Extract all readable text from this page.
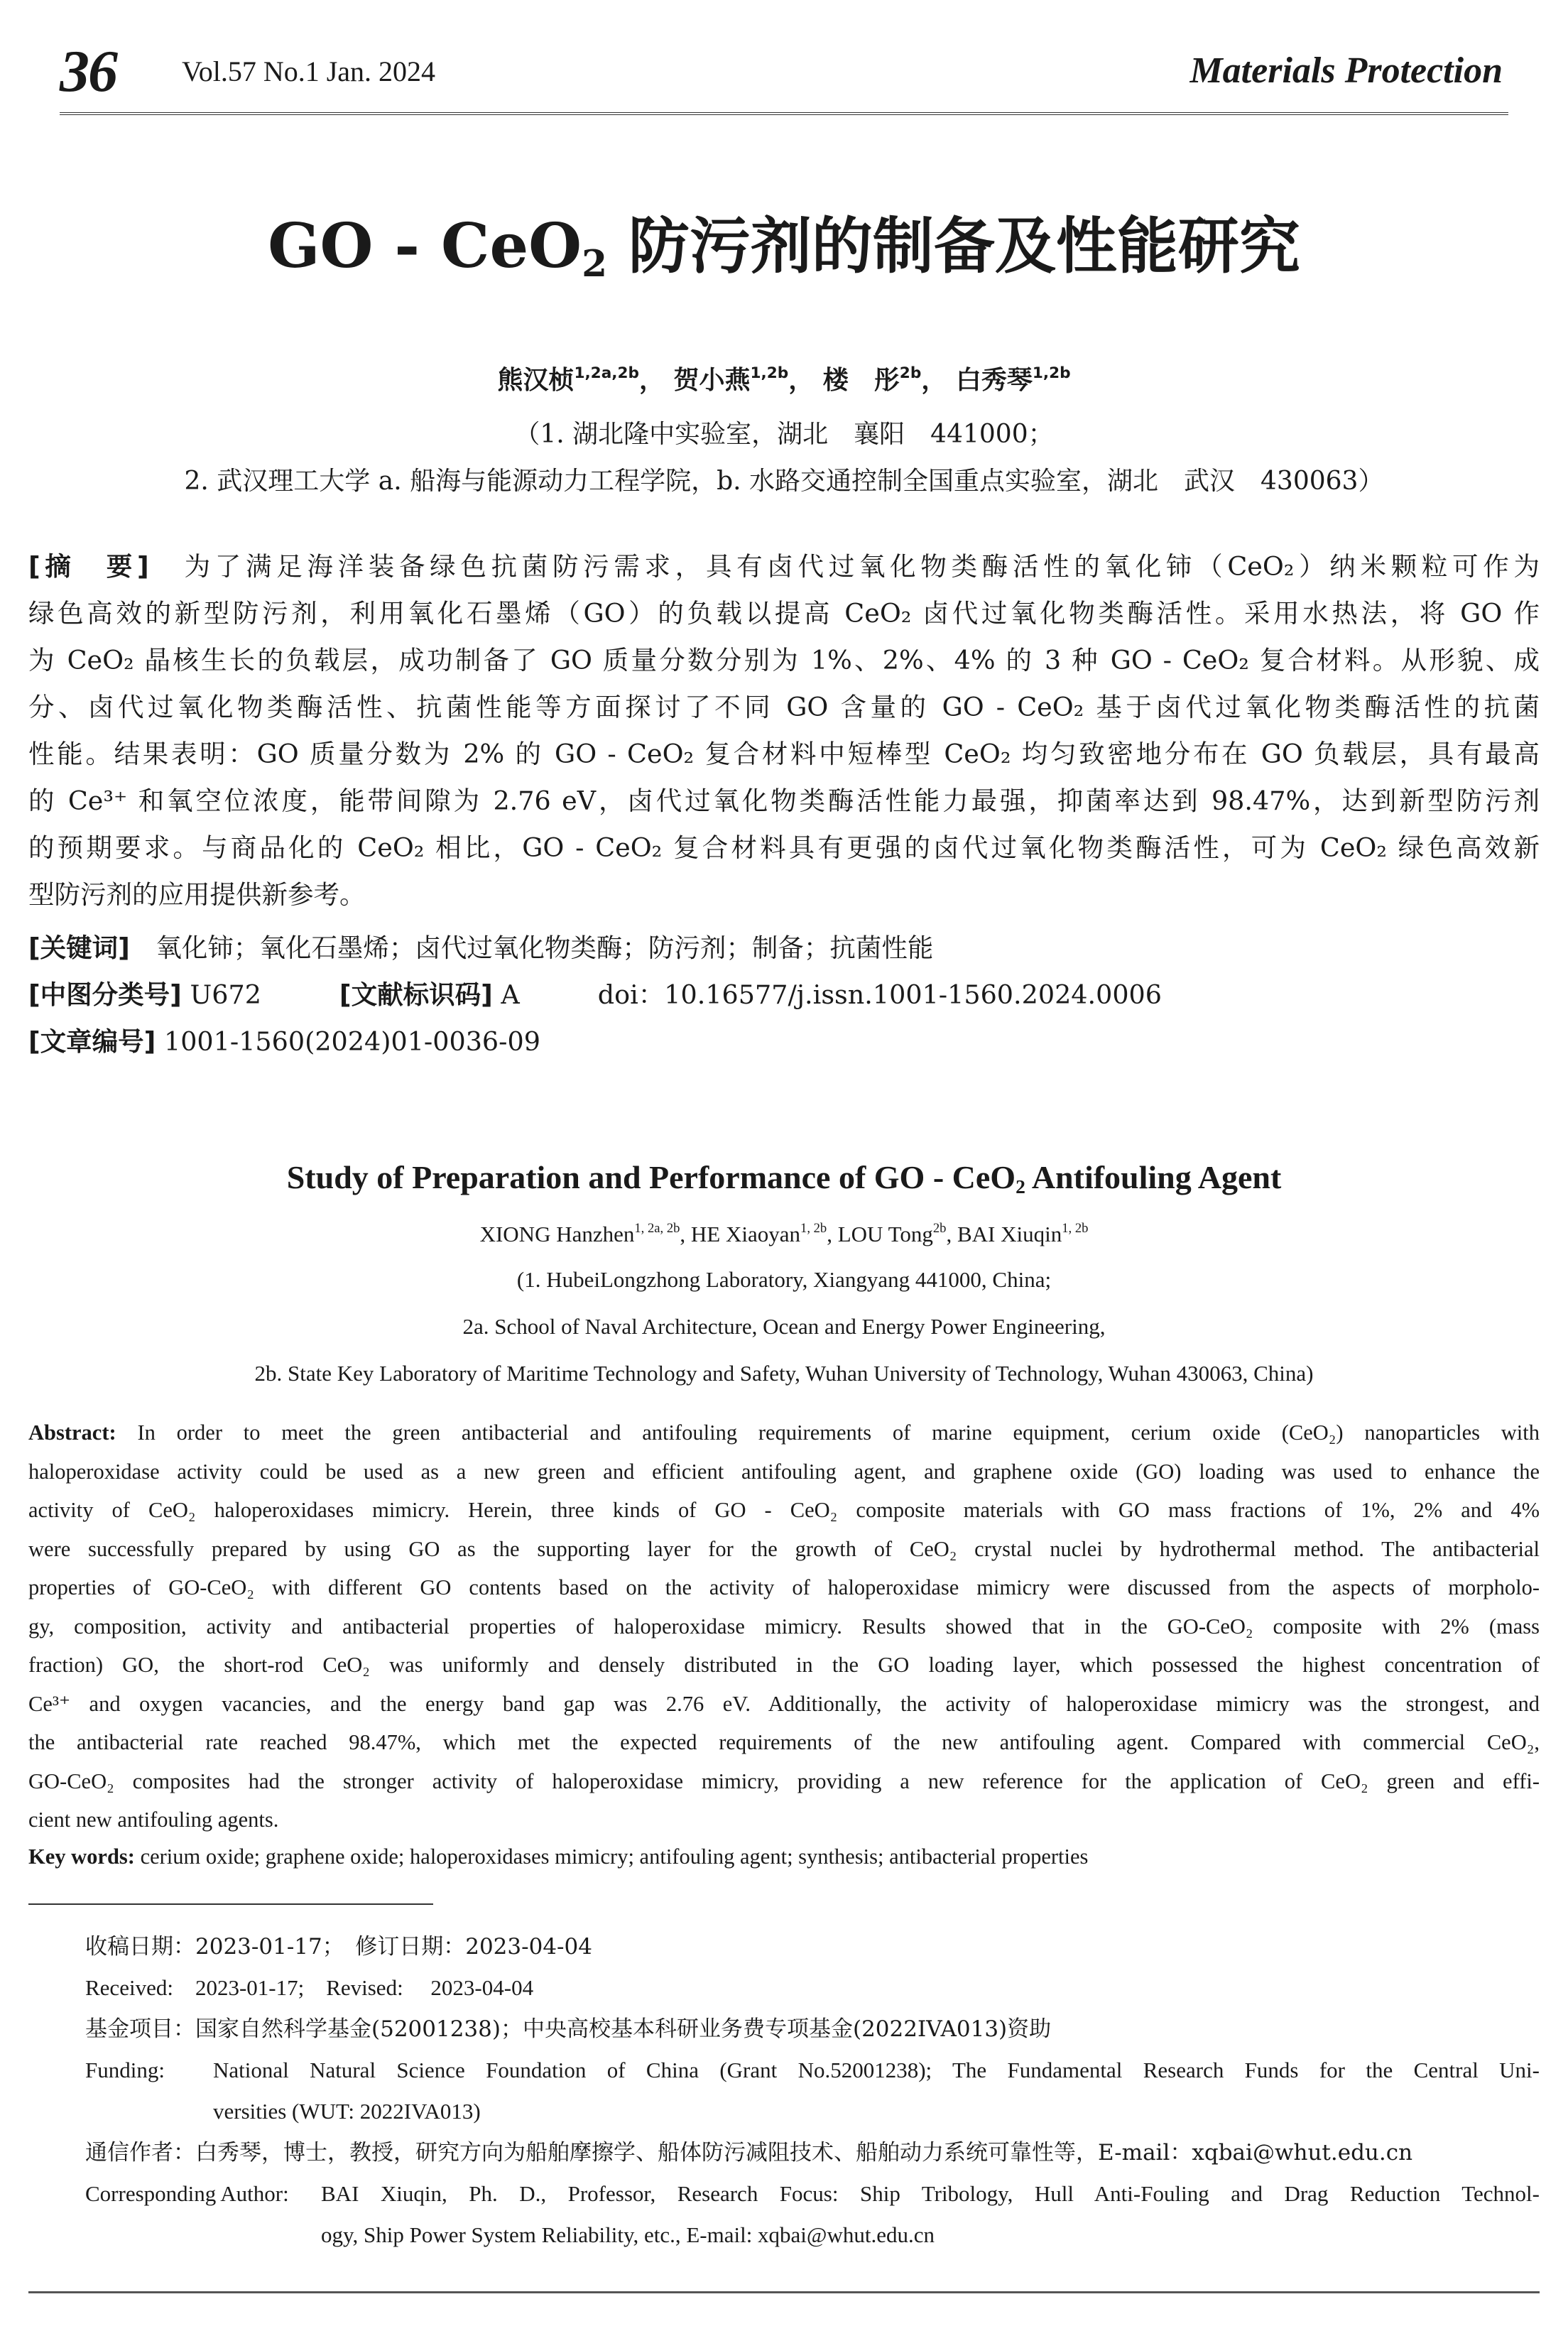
36 Vol.57 No.1 Jan. 2024	Materials Protection
GO - CeO$_2$ 防污剂的制备及性能研究
熊汉桢$^{1,2a,2b}$， 贺小燕$^{1,2b}$， 楼　彤$^{2b}$， 白秀琴$^{1,2b}$
（1. 湖北隆中实验室，湖北　襄阳　441000；
2. 武汉理工大学 a. 船海与能源动力工程学院，b. 水路交通控制全国重点实验室，湖北　武汉　430063）
[摘　要]　 为了满足海洋装备绿色抗菌防污需求，具有卤代过氧化物类酶活性的氧化铈（CeO₂）纳米颗粒可作为
绿色高效的新型防污剂，利用氧化石墨烯（GO）的负载以提高 CeO₂ 卤代过氧化物类酶活性。采用水热法，将 GO 作
为 CeO₂ 晶核生长的负载层，成功制备了 GO 质量分数分别为 1%、2%、4% 的 3 种 GO - CeO₂ 复合材料。从形貌、成
分、卤代过氧化物类酶活性、抗菌性能等方面探讨了不同 GO 含量的 GO - CeO₂ 基于卤代过氧化物类酶活性的抗菌
性能。结果表明：GO 质量分数为 2% 的 GO - CeO₂ 复合材料中短棒型 CeO₂ 均匀致密地分布在 GO 负载层，具有最高
的 Ce³⁺ 和氧空位浓度，能带间隙为 2.76 eV，卤代过氧化物类酶活性能力最强，抑菌率达到 98.47%，达到新型防污剂
的预期要求。与商品化的 CeO₂ 相比，GO - CeO₂ 复合材料具有更强的卤代过氧化物类酶活性，可为 CeO₂ 绿色高效新
型防污剂的应用提供新参考。
[关键词]　 氧化铈；氧化石墨烯；卤代过氧化物类酶；防污剂；制备；抗菌性能
[中图分类号] U672	[文献标识码] A	doi：10.16577/j.issn.1001-1560.2024.0006
[文章编号] 1001-1560(2024)01-0036-09
Study of Preparation and Performance of GO - CeO$_2$ Antifouling Agent
XIONG Hanzhen$^{1, 2a, 2b}$, HE Xiaoyan$^{1, 2b}$, LOU Tong$^{2b}$, BAI Xiuqin$^{1, 2b}$
(1. HubeiLongzhong Laboratory, Xiangyang 441000, China;
2a. School of Naval Architecture, Ocean and Energy Power Engineering,
2b. State Key Laboratory of Maritime Technology and Safety, Wuhan University of Technology, Wuhan 430063, China)
Abstract: In order to meet the green antibacterial and antifouling requirements of marine equipment, cerium oxide (CeO₂) nanoparticles with
haloperoxidase activity could be used as a new green and efficient antifouling agent, and graphene oxide (GO) loading was used to enhance the
activity of CeO₂ haloperoxidases mimicry. Herein, three kinds of GO - CeO₂ composite materials with GO mass fractions of 1%, 2% and 4%
were successfully prepared by using GO as the supporting layer for the growth of CeO₂ crystal nuclei by hydrothermal method. The antibacterial
properties of GO-CeO₂ with different GO contents based on the activity of haloperoxidase mimicry were discussed from the aspects of morpholo-
gy, composition, activity and antibacterial properties of haloperoxidase mimicry. Results showed that in the GO-CeO₂ composite with 2% (mass
fraction) GO, the short-rod CeO₂ was uniformly and densely distributed in the GO loading layer, which possessed the highest concentration of
Ce³⁺ and oxygen vacancies, and the energy band gap was 2.76 eV. Additionally, the activity of haloperoxidase mimicry was the strongest, and
the antibacterial rate reached 98.47%, which met the expected requirements of the new antifouling agent. Compared with commercial CeO₂,
GO-CeO₂ composites had the stronger activity of haloperoxidase mimicry, providing a new reference for the application of CeO₂ green and effi-
cient new antifouling agents.
Key words: cerium oxide; graphene oxide; haloperoxidases mimicry; antifouling agent; synthesis; antibacterial properties
收稿日期：2023-01-17；　修订日期：2023-04-04
Received:　2023-01-17;　Revised:　 2023-04-04
基金项目：国家自然科学基金(52001238)；中央高校基本科研业务费专项基金(2022IVA013)资助
Funding: National Natural Science Foundation of China (Grant No.52001238); The Fundamental Research Funds for the Central Uni-
versities (WUT: 2022IVA013)
通信作者：白秀琴，博士，教授，研究方向为船舶摩擦学、船体防污减阻技术、船舶动力系统可靠性等，E-mail：xqbai@whut.edu.cn
Corresponding Author: BAI Xiuqin, Ph. D., Professor, Research Focus: Ship Tribology, Hull Anti-Fouling and Drag Reduction Technol-
ogy, Ship Power System Reliability, etc., E-mail: xqbai@whut.edu.cn
